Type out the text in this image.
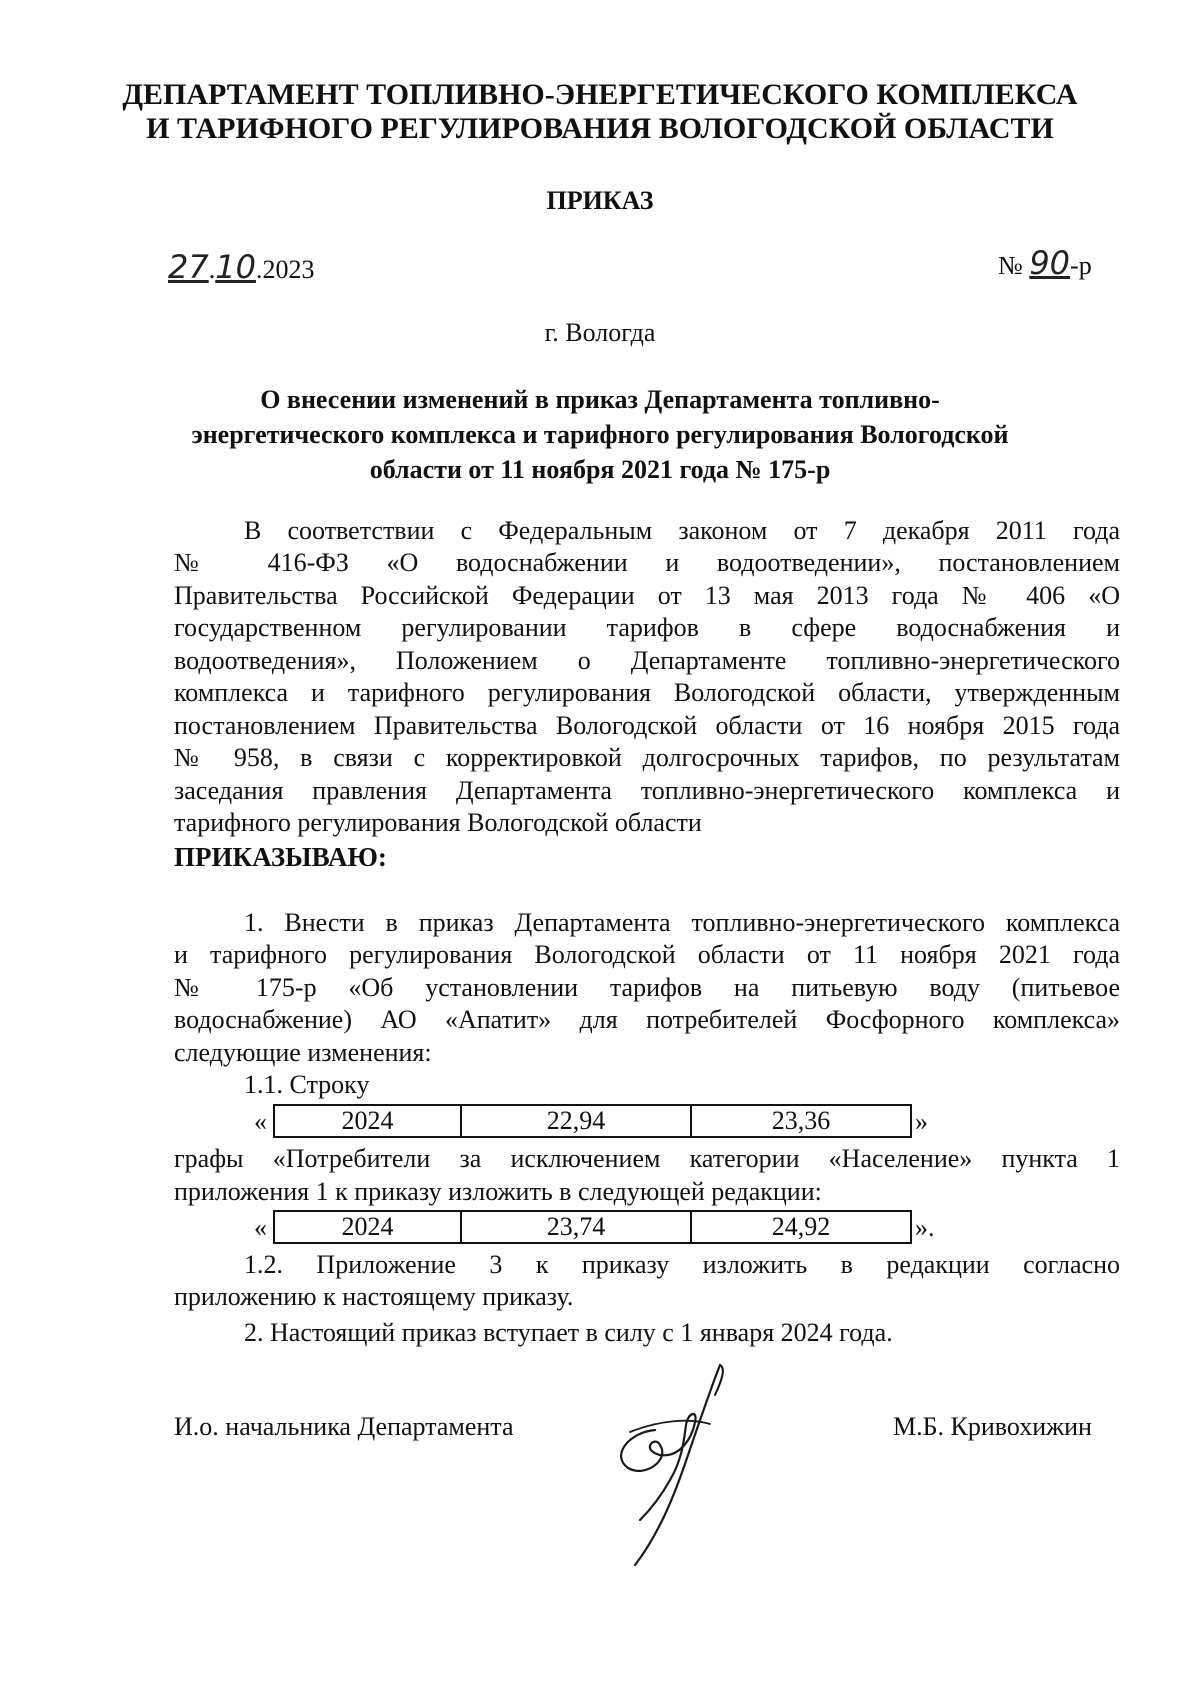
ДЕПАРТАМЕНТ ТОПЛИВНО-ЭНЕРГЕТИЧЕСКОГО КОМПЛЕКСА
И ТАРИФНОГО РЕГУЛИРОВАНИЯ ВОЛОГОДСКОЙ ОБЛАСТИ
ПРИКАЗ
27.10.2023	№ 90-р
г. Вологда
О внесении изменений в приказ Департамента топливно-
энергетического комплекса и тарифного регулирования Вологодской
области от 11 ноября 2021 года № 175-р
В соответствии с Федеральным законом от 7 декабря 2011 года
№ 416-ФЗ «О водоснабжении и водоотведении», постановлением
Правительства Российской Федерации от 13 мая 2013 года № 406 «О
государственном регулировании тарифов в сфере водоснабжения и
водоотведения», Положением о Департаменте топливно-энергетического
комплекса и тарифного регулирования Вологодской области, утвержденным
постановлением Правительства Вологодской области от 16 ноября 2015 года
№ 958, в связи с корректировкой долгосрочных тарифов, по результатам
заседания правления Департамента топливно-энергетического комплекса и
тарифного регулирования Вологодской области
ПРИКАЗЫВАЮ:
1. Внести в приказ Департамента топливно-энергетического комплекса
и тарифного регулирования Вологодской области от 11 ноября 2021 года
№ 175-р «Об установлении тарифов на питьевую воду (питьевое
водоснабжение) АО «Апатит» для потребителей Фосфорного комплекса»
следующие изменения:
1.1. Строку
«	2024	22,94	23,36	»
графы «Потребители за исключением категории «Население» пункта 1
приложения 1 к приказу изложить в следующей редакции:
«	2024	23,74	24,92	».
1.2. Приложение 3 к приказу изложить в редакции согласно
приложению к настоящему приказу.
2. Настоящий приказ вступает в силу с 1 января 2024 года.
И.о. начальника Департамента	М.Б. Кривохижин
